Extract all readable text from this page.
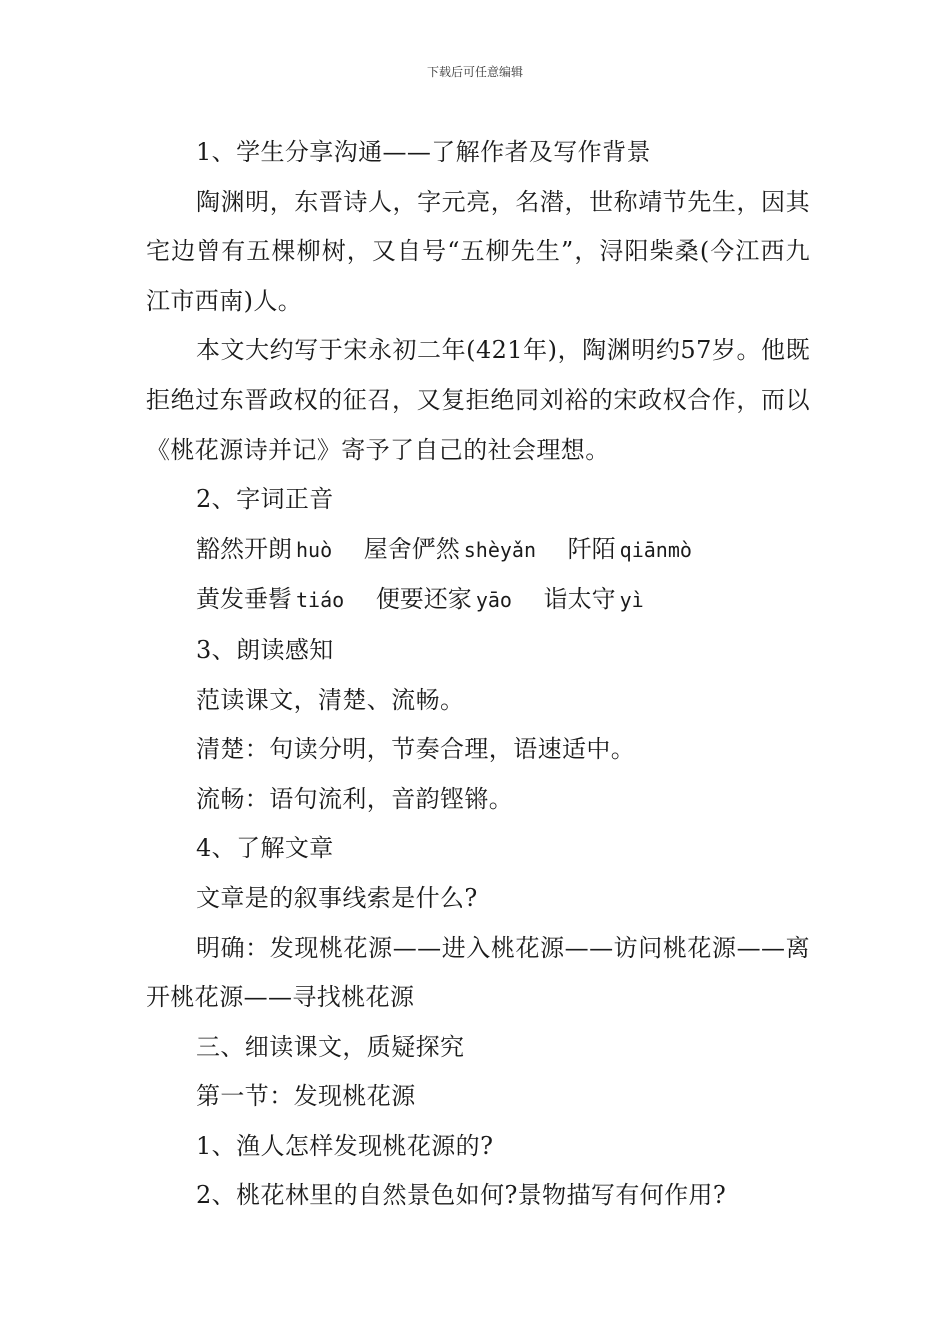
下载后可任意编辑

1、学生分享沟通——了解作者及写作背景

陶渊明，东晋诗人，字元亮，名潜，世称靖节先生，因其宅边曾有五棵柳树，又自号“五柳先生”，浔阳柴桑(今江西九江市西南)人。

本文大约写于宋永初二年(421年)，陶渊明约57岁。他既拒绝过东晋政权的征召，又复拒绝同刘裕的宋政权合作，而以《桃花源诗并记》寄予了自己的社会理想。

2、字词正音

豁然开朗 huò 屋舍俨然 shèyǎn 阡陌 qiānmò

黄发垂髫 tiáo 便要还家 yāo 诣太守 yì

3、朗读感知

范读课文，清楚、流畅。

清楚：句读分明，节奏合理，语速适中。

流畅：语句流利，音韵铿锵。

4、了解文章

文章是的叙事线索是什么?

明确：发现桃花源——进入桃花源——访问桃花源——离开桃花源——寻找桃花源

三、细读课文，质疑探究

第一节：发现桃花源

1、渔人怎样发现桃花源的?

2、桃花林里的自然景色如何?景物描写有何作用?
